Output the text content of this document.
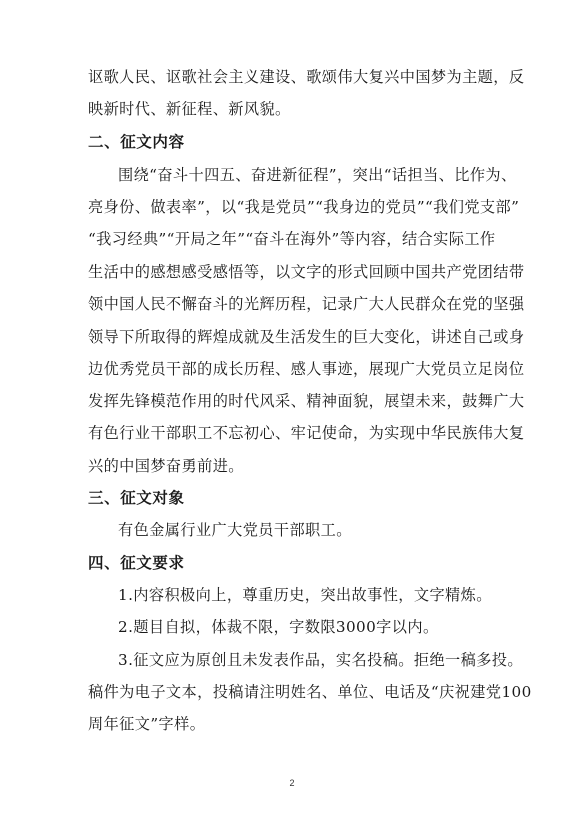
讴歌人民、讴歌社会主义建设、歌颂伟大复兴中国梦为主题，反
映新时代、新征程、新风貌。
二、征文内容
围绕“奋斗十四五、奋进新征程”，突出“话担当、比作为、
亮身份、做表率”，以“我是党员”“我身边的党员”“我们党支部”
“我习经典”“开局之年”“奋斗在海外”等内容，结合实际工作
生活中的感想感受感悟等，以文字的形式回顾中国共产党团结带
领中国人民不懈奋斗的光辉历程，记录广大人民群众在党的坚强
领导下所取得的辉煌成就及生活发生的巨大变化，讲述自己或身
边优秀党员干部的成长历程、感人事迹，展现广大党员立足岗位
发挥先锋模范作用的时代风采、精神面貌，展望未来，鼓舞广大
有色行业干部职工不忘初心、牢记使命，为实现中华民族伟大复
兴的中国梦奋勇前进。
三、征文对象
有色金属行业广大党员干部职工。
四、征文要求
1.内容积极向上，尊重历史，突出故事性，文字精炼。
2.题目自拟，体裁不限，字数限3000字以内。
3.征文应为原创且未发表作品，实名投稿。拒绝一稿多投。
稿件为电子文本，投稿请注明姓名、单位、电话及“庆祝建党100
周年征文”字样。
2
